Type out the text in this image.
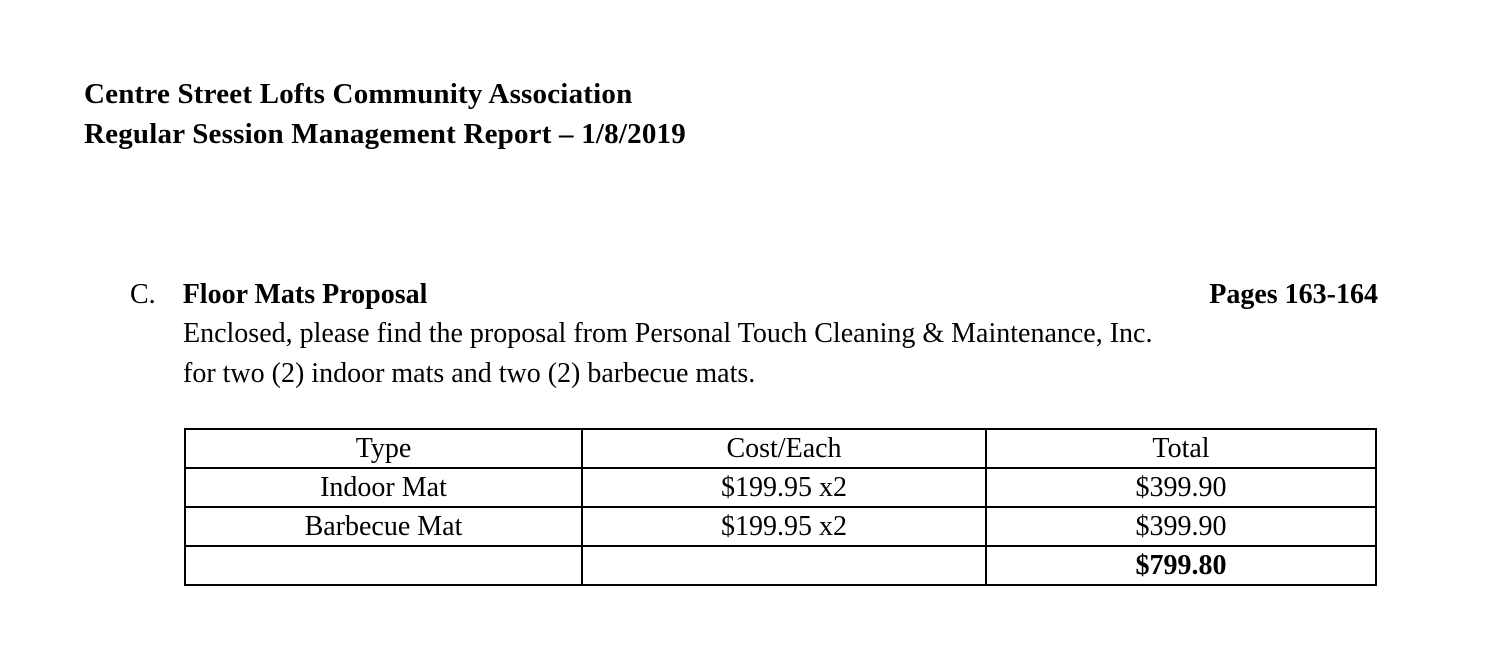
Centre Street Lofts Community Association
Regular Session Management Report – 1/8/2019
C. Floor Mats Proposal	Pages 163-164
Enclosed, please find the proposal from Personal Touch Cleaning & Maintenance, Inc.
for two (2) indoor mats and two (2) barbecue mats.
Type	Cost/Each	Total
Indoor Mat	$199.95 x2	$399.90
Barbecue Mat	$199.95 x2	$399.90
		$799.80
